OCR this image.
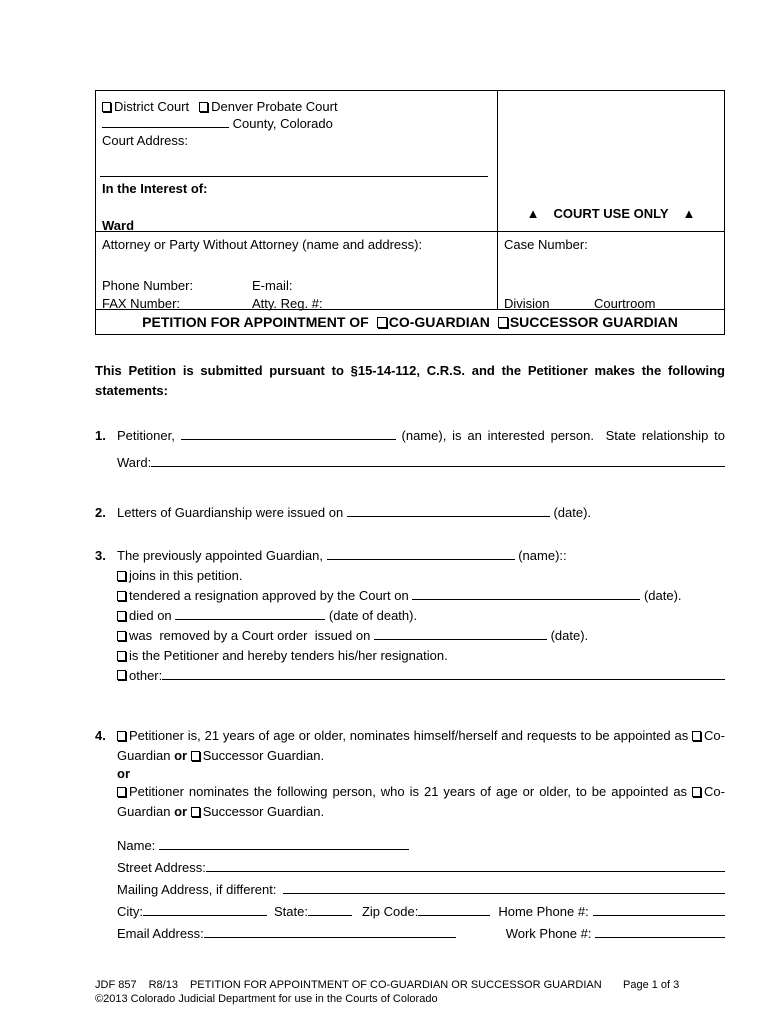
District Court Denver Probate Court
County, Colorado
Court Address:
In the Interest of:
Ward
▲ COURT USE ONLY ▲
Attorney or Party Without Attorney (name and address):
Phone Number:	E-mail:
FAX Number:	Atty. Reg. #:
Case Number:
Division	Courtroom
PETITION FOR APPOINTMENT OF CO-GUARDIAN SUCCESSOR GUARDIAN
This Petition is submitted pursuant to §15-14-112, C.R.S. and the Petitioner makes the following
statements:
1. Petitioner,	(name), is an interested person.  State relationship to
Ward:
2. Letters of Guardianship were issued on	(date).
3. The previously appointed Guardian,	(name)::
joins in this petition.
tendered a resignation approved by the Court on	(date).
died on	(date of death).
was  removed by a Court order  issued on	(date).
is the Petitioner and hereby tenders his/her resignation.
other:
4.	Petitioner is, 21 years of age or older, nominates himself/herself and requests to be appointed as Co-
Guardian or Successor Guardian.
or
Petitioner nominates the following person, who is 21 years of age or older, to be appointed as Co-
Guardian or Successor Guardian.
Name:
Street Address:
Mailing Address, if different:
City:	State:	Zip Code:	Home Phone #:
Email Address:	Work Phone #:
JDF 857 R8/13 PETITION FOR APPOINTMENT OF CO-GUARDIAN OR SUCCESSOR GUARDIAN Page 1 of 3
©2013 Colorado Judicial Department for use in the Courts of Colorado
